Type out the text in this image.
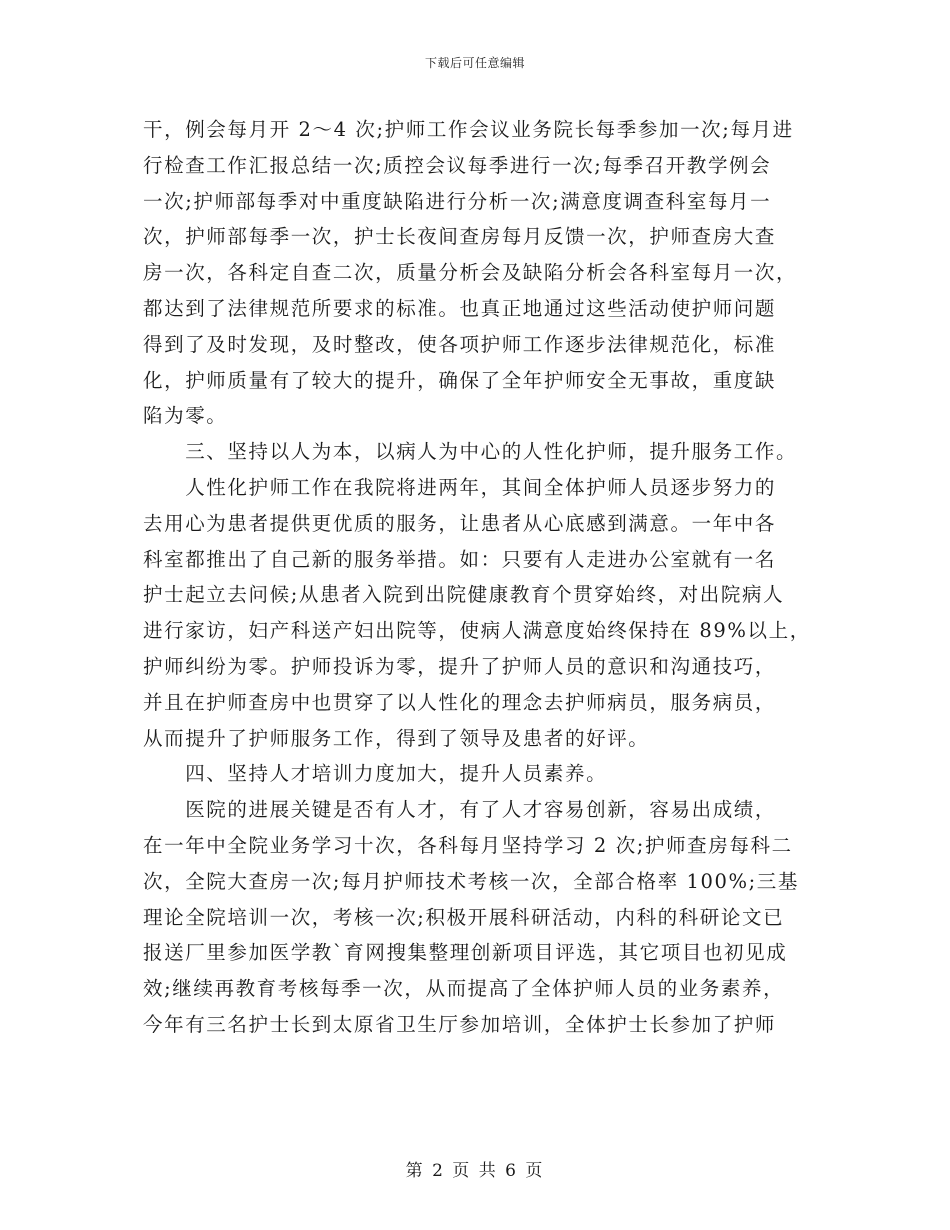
下载后可任意编辑
干，例会每月开 2～4 次;护师工作会议业务院长每季参加一次;每月进
行检查工作汇报总结一次;质控会议每季进行一次;每季召开教学例会
一次;护师部每季对中重度缺陷进行分析一次;满意度调查科室每月一
次，护师部每季一次，护士长夜间查房每月反馈一次，护师查房大查
房一次，各科定自查二次，质量分析会及缺陷分析会各科室每月一次，
都达到了法律规范所要求的标准。也真正地通过这些活动使护师问题
得到了及时发现，及时整改，使各项护师工作逐步法律规范化，标准
化，护师质量有了较大的提升，确保了全年护师安全无事故，重度缺
陷为零。
　　三、坚持以人为本，以病人为中心的人性化护师，提升服务工作。
　　人性化护师工作在我院将进两年，其间全体护师人员逐步努力的
去用心为患者提供更优质的服务，让患者从心底感到满意。一年中各
科室都推出了自己新的服务举措。如：只要有人走进办公室就有一名
护士起立去问候;从患者入院到出院健康教育个贯穿始终，对出院病人
进行家访，妇产科送产妇出院等，使病人满意度始终保持在 89%以上，
护师纠纷为零。护师投诉为零，提升了护师人员的意识和沟通技巧，
并且在护师查房中也贯穿了以人性化的理念去护师病员，服务病员，
从而提升了护师服务工作，得到了领导及患者的好评。
　　四、坚持人才培训力度加大，提升人员素养。
　　医院的进展关键是否有人才，有了人才容易创新，容易出成绩，
在一年中全院业务学习十次，各科每月坚持学习 2 次;护师查房每科二
次，全院大查房一次;每月护师技术考核一次，全部合格率 100%;三基
理论全院培训一次，考核一次;积极开展科研活动，内科的科研论文已
报送厂里参加医学教`育网搜集整理创新项目评选，其它项目也初见成
效;继续再教育考核每季一次，从而提高了全体护师人员的业务素养，
今年有三名护士长到太原省卫生厅参加培训，全体护士长参加了护师
第 2 页 共 6 页
